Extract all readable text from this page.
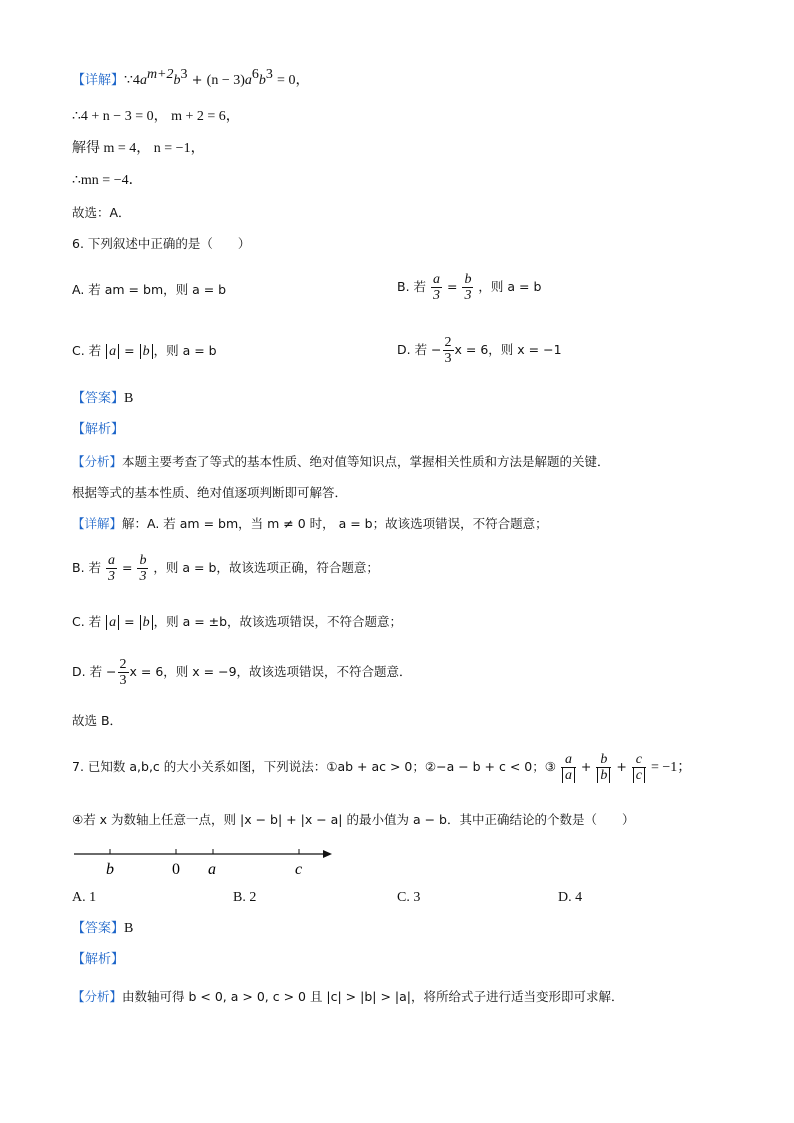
【详解】$\because 4a^{m+2}b^3 + (n - 3)a^6b^3 = 0$，
∴4 + n − 3 = 0， m + 2 = 6，
解得 m = 4， n = −1，
∴mn = −4．
故选：A．
6. 下列叙述中正确的是（　　）
A. 若 am = bm，则 a = b	B. 若 $\frac{a}{3} = \frac{b}{3}$ ，则 a = b
C. 若 a = b ，则 a = b	D. 若 − $\frac{2}{3}$ x = 6，则 x = −1
【答案】B
【解析】
【分析】本题主要考查了等式的基本性质、绝对值等知识点，掌握相关性质和方法是解题的关键．
根据等式的基本性质、绝对值逐项判断即可解答．
【详解】解：A. 若 am = bm，当 m ≠ 0 时， a = b；故该选项错误，不符合题意；
B. 若 $\frac{a}{3} = \frac{b}{3}$ ，则 a = b，故该选项正确，符合题意；
C. 若 a = b ，则 a = ±b，故该选项错误，不符合题意；
D. 若 − $\frac{2}{3}$ x = 6，则 x = −9，故该选项错误，不符合题意．
故选 B．
7. 已知数 a,b,c 的大小关系如图，下列说法：①ab + ac > 0；②−a − b + c < 0；③ $\frac{a}{a} + \frac{b}{b} + \frac{c}{c} = -1$；
④若 x 为数轴上任意一点，则 |x − b| + |x − a| 的最小值为 a − b．其中正确结论的个数是（　　）
b	0 a	c
A. 1	B. 2	C. 3	D. 4
【答案】B
【解析】
【分析】由数轴可得 b < 0, a > 0, c > 0 且 |c| > |b| > |a|，将所给式子进行适当变形即可求解．
